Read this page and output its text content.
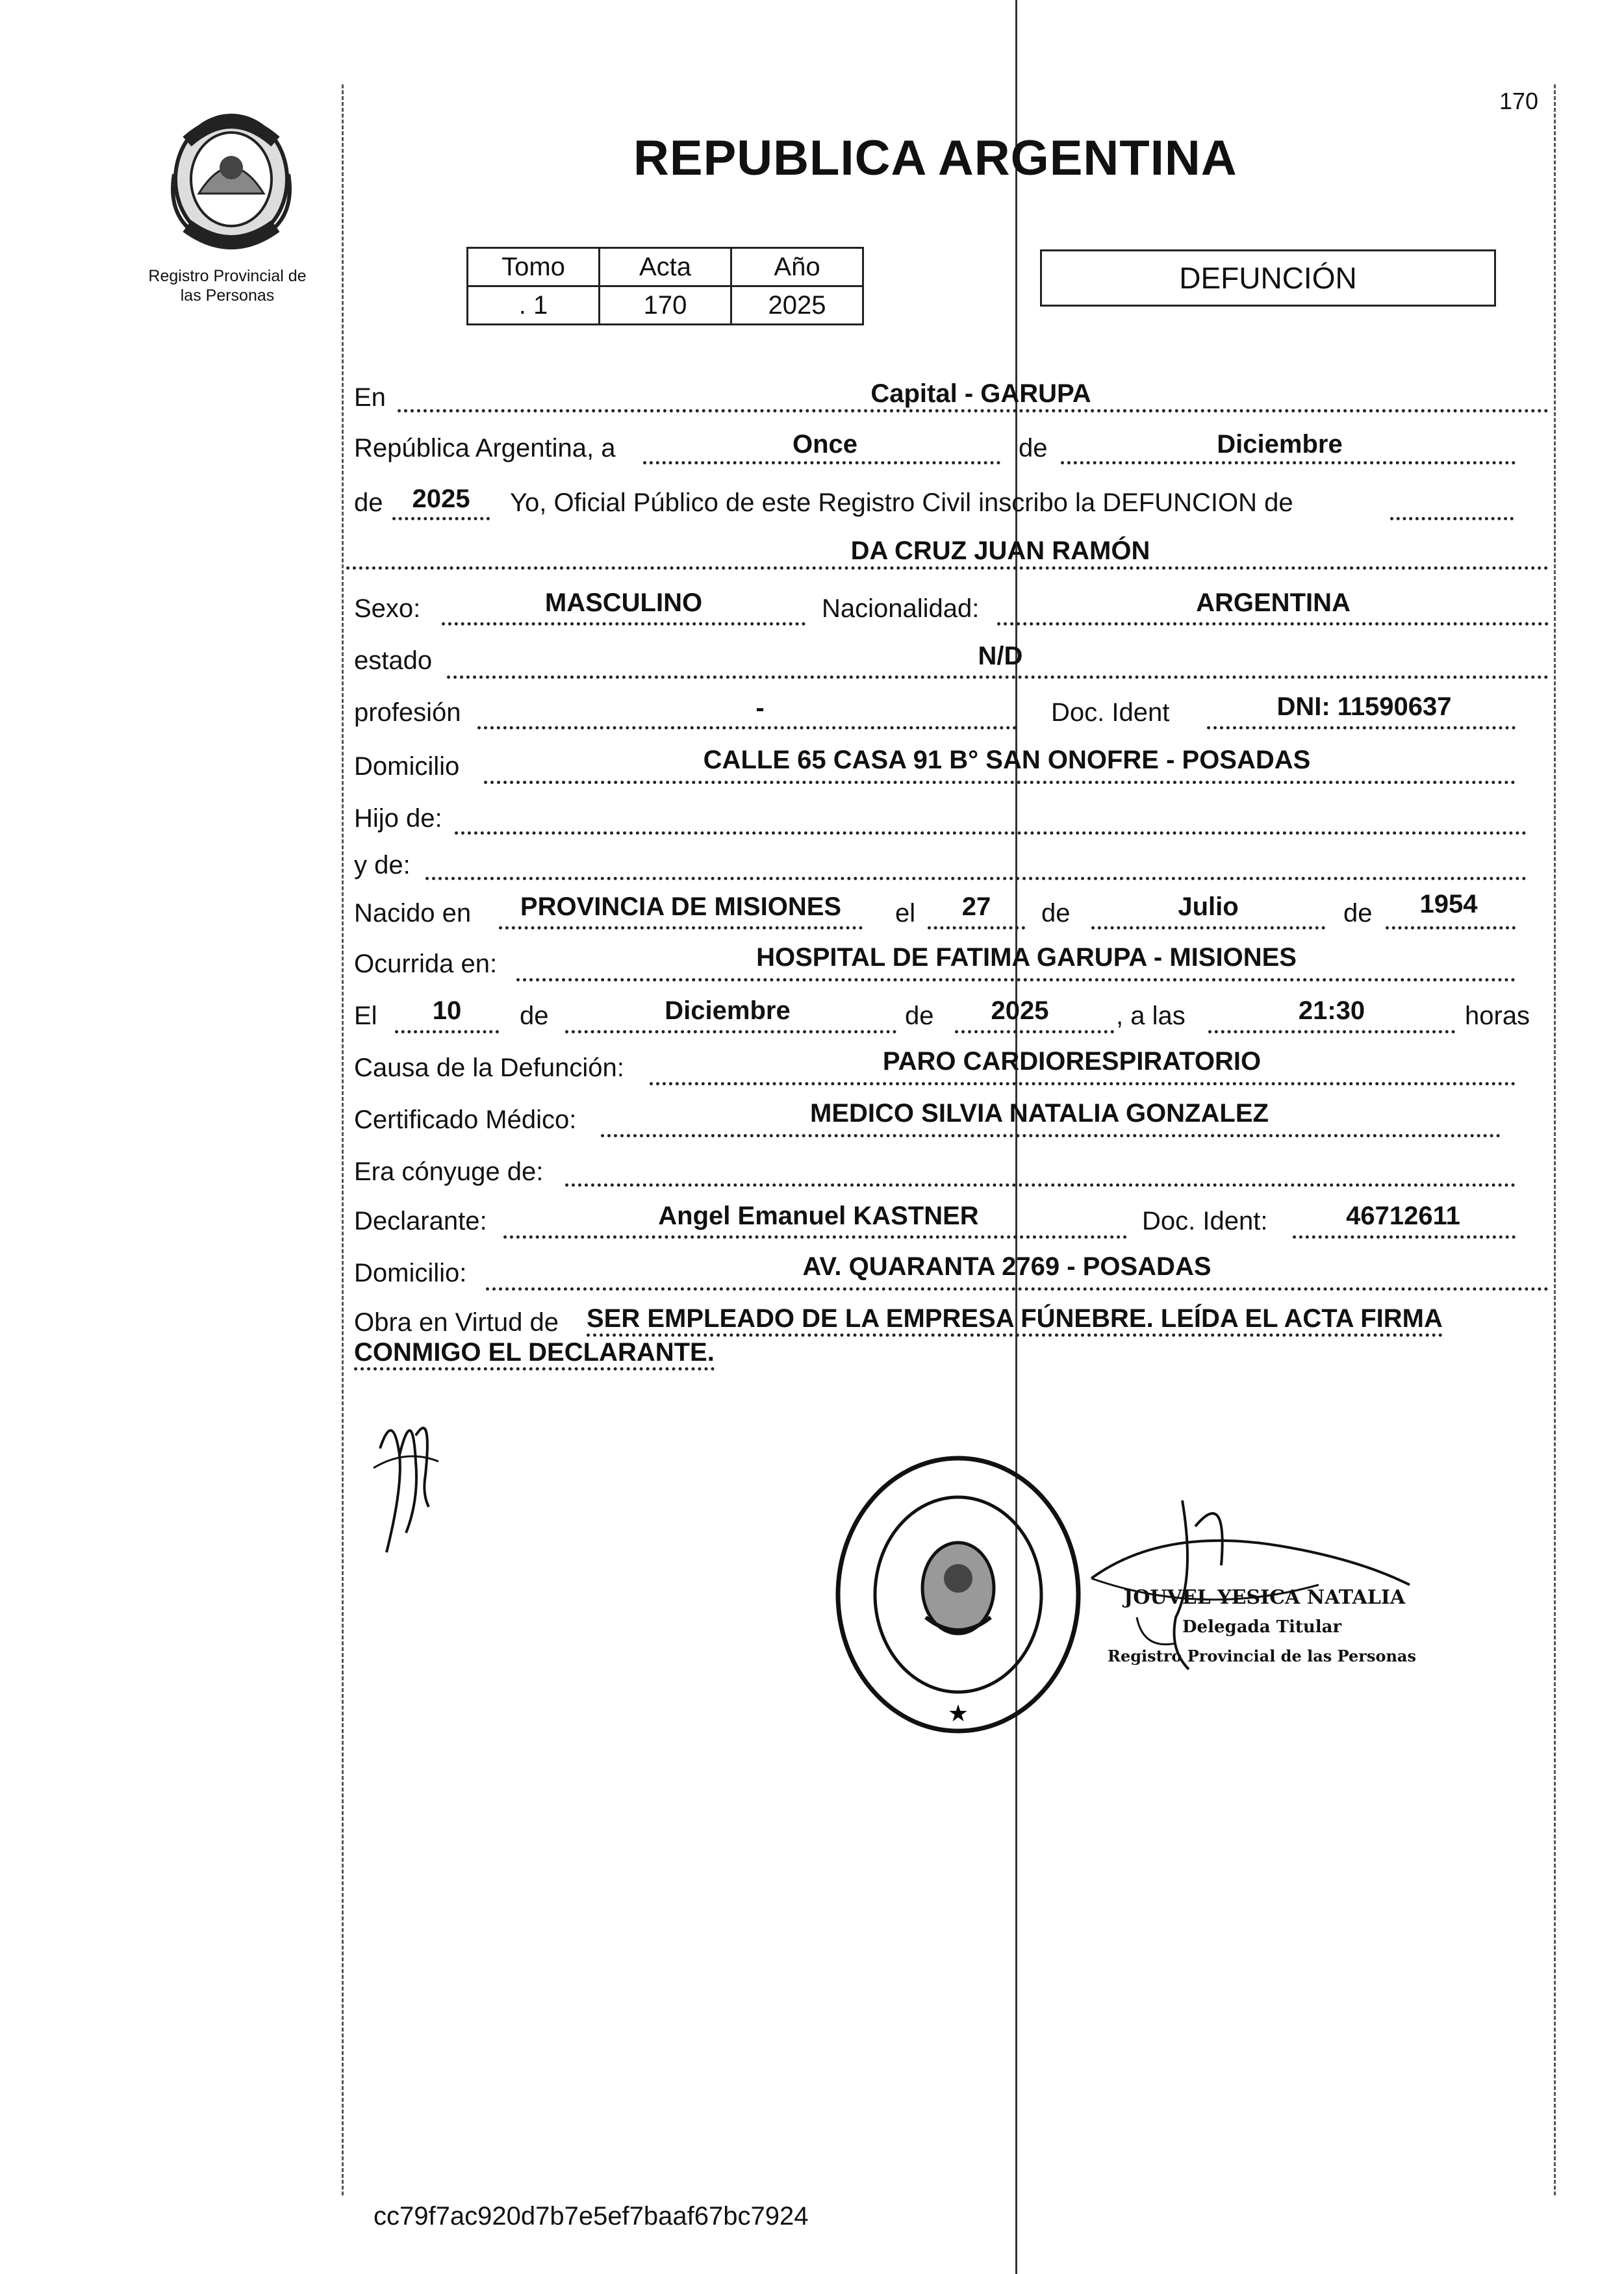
Registro Provincial de
las Personas
170
REPUBLICA ARGENTINA
Tomo	Acta	Año
. 1	170	2025
DEFUNCIÓN
En	Capital - GARUPA
República Argentina, a	Once	de	Diciembre
de	2025	Yo, Oficial Público de este Registro Civil inscribo la DEFUNCION de
DA CRUZ JUAN RAMÓN
Sexo:	MASCULINO	Nacionalidad:	ARGENTINA
estado	N/D
profesión	-	Doc. Ident	DNI: 11590637
Domicilio	CALLE 65 CASA 91 B° SAN ONOFRE - POSADAS
Hijo de:
y de:
Nacido en	PROVINCIA DE MISIONES	el	27	de	Julio	de	1954
Ocurrida en:	HOSPITAL DE FATIMA GARUPA - MISIONES
El	10	de	Diciembre	de	2025	, a las	21:30	horas
Causa de la Defunción:	PARO CARDIORESPIRATORIO
Certificado Médico:	MEDICO SILVIA NATALIA GONZALEZ
Era cónyuge de:
Declarante:	Angel Emanuel KASTNER	Doc. Ident:	46712611
Domicilio:	AV. QUARANTA 2769 - POSADAS
Obra en Virtud de SER EMPLEADO DE LA EMPRESA FÚNEBRE. LEÍDA EL ACTA FIRMA
CONMIGO EL DECLARANTE.
★
JOUVEL YESICA NATALIA
Delegada Titular
Registro Provincial de las Personas
cc79f7ac920d7b7e5ef7baaf67bc7924
